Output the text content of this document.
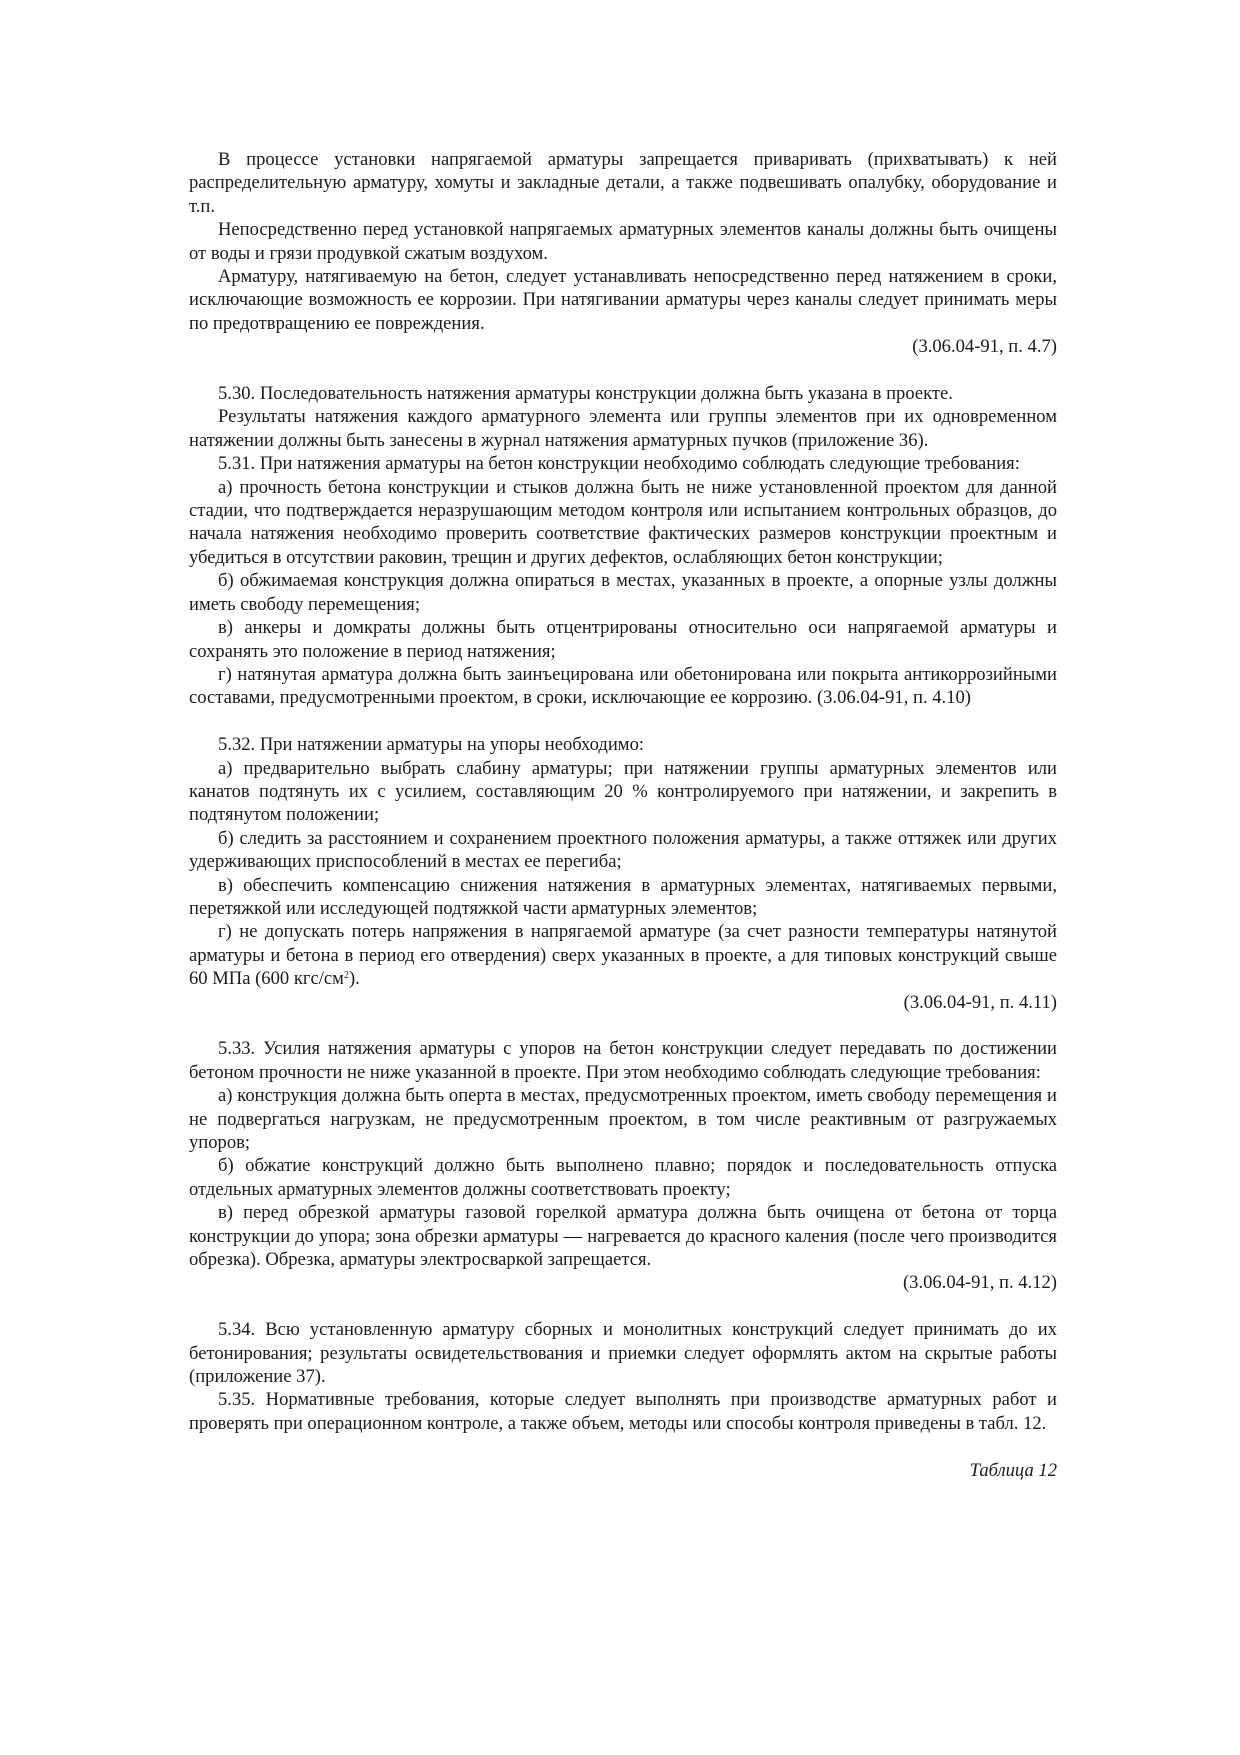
В процессе установки напрягаемой арматуры запрещается приваривать (прихватывать) к ней распределительную арматуру, хомуты и закладные детали, а также подвешивать опалубку, оборудование и т.п.

Непосредственно перед установкой напрягаемых арматурных элементов каналы должны быть очищены от воды и грязи продувкой сжатым воздухом.

Арматуру, натягиваемую на бетон, следует устанавливать непосредственно перед натяжением в сроки, исключающие возможность ее коррозии. При натягивании арматуры через каналы следует принимать меры по предотвращению ее повреждения.

(3.06.04-91, п. 4.7)

5.30. Последовательность натяжения арматуры конструкции должна быть указана в проекте.

Результаты натяжения каждого арматурного элемента или группы элементов при их одновременном натяжении должны быть занесены в журнал натяжения арматурных пучков (приложение 36).

5.31. При натяжения арматуры на бетон конструкции необходимо соблюдать следующие требования:

а) прочность бетона конструкции и стыков должна быть не ниже установленной проектом для данной стадии, что подтверждается неразрушающим методом контроля или испытанием контрольных образцов, до начала натяжения необходимо проверить соответствие фактических размеров конструкции проектным и убедиться в отсутствии раковин, трещин и других дефектов, ослабляющих бетон конструкции;

б) обжимаемая конструкция должна опираться в местах, указанных в проекте, а опорные узлы должны иметь свободу перемещения;

в) анкеры и домкраты должны быть отцентрированы относительно оси напрягаемой арматуры и сохранять это положение в период натяжения;

г) натянутая арматура должна быть заинъецирована или обетонирована или покрыта антикоррозийными составами, предусмотренными проектом, в сроки, исключающие ее коррозию. (3.06.04-91, п. 4.10)

5.32. При натяжении арматуры на упоры необходимо:

а) предварительно выбрать слабину арматуры; при натяжении группы арматурных элементов или канатов подтянуть их с усилием, составляющим 20 % контролируемого при натяжении, и закрепить в подтянутом положении;

б) следить за расстоянием и сохранением проектного положения арматуры, а также оттяжек или других удерживающих приспособлений в местах ее перегиба;

в) обеспечить компенсацию снижения натяжения в арматурных элементах, натягиваемых первыми, перетяжкой или исследующей подтяжкой части арматурных элементов;

г) не допускать потерь напряжения в напрягаемой арматуре (за счет разности температуры натянутой арматуры и бетона в период его отвердения) сверх указанных в проекте, а для типовых конструкций свыше 60 МПа (600 кгс/$см^2$).

(3.06.04-91, п. 4.11)

5.33. Усилия натяжения арматуры с упоров на бетон конструкции следует передавать по достижении бетоном прочности не ниже указанной в проекте. При этом необходимо соблюдать следующие требования:

а) конструкция должна быть оперта в местах, предусмотренных проектом, иметь свободу перемещения и не подвергаться нагрузкам, не предусмотренным проектом, в том числе реактивным от разгружаемых упоров;

б) обжатие конструкций должно быть выполнено плавно; порядок и последовательность отпуска отдельных арматурных элементов должны соответствовать проекту;

в) перед обрезкой арматуры газовой горелкой арматура должна быть очищена от бетона от торца конструкции до упора; зона обрезки арматуры — нагревается до красного каления (после чего производится обрезка). Обрезка, арматуры электросваркой запрещается.

(3.06.04-91, п. 4.12)

5.34. Всю установленную арматуру сборных и монолитных конструкций следует принимать до их бетонирования; результаты освидетельствования и приемки следует оформлять актом на скрытые работы (приложение 37).

5.35. Нормативные требования, которые следует выполнять при производстве арматурных работ и проверять при операционном контроле, а также объем, методы или способы контроля приведены в табл. 12.

Таблица 12
